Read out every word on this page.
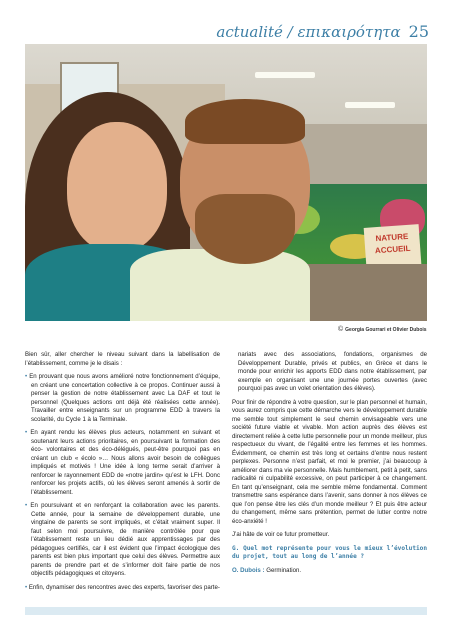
actualité / επικαιρότητα 25
NATURE ACCUEIL
© Georgia Gourrari et Olivier Dubois

Bien sûr, aller chercher le niveau suivant dans la labellisation de l’établissement, comme je le disais :

• En prouvant que nous avons amélioré notre fonctionnement d’équipe, en créant une concertation collective à ce propos. Continuer aussi à penser la gestion de notre établissement avec La DAF et tout le personnel (Quelques actions ont déjà été réalisées cette année). Travailler entre enseignants sur un programme EDD à travers la scolarité, du Cycle 1 à la Terminale.

• En ayant rendu les élèves plus acteurs, notamment en suivant et soutenant leurs actions prioritaires, en poursuivant la formation des éco- volontaires et des éco-délégués, peut-être pourquoi pas en créant un club « écolo »… Nous allons avoir besoin de collègues impliqués et motivés ! Une idée à long terme serait d’arriver à renforcer le rayonnement EDD de «notre jardin» qu’est le LFH. Donc renforcer les projets actifs, où les élèves seront amenés à sortir de l’établissement.

• En poursuivant et en renforçant la collaboration avec les parents. Cette année, pour la semaine de développement durable, une vingtaine de parents se sont impliqués, et c’était vraiment super. Il faut selon moi poursuivre, de manière contrôlée pour que l’établissement reste un lieu dédié aux apprentissages par des pédagogues certifiés, car il est évident que l’impact écologique des parents est bien plus important que celui des élèves. Permettre aux parents de prendre part et de s’informer doit faire partie de nos objectifs pédagogiques et citoyens.

• Enfin, dynamiser des rencontres avec des experts, favoriser des parte-

nariats avec des associations, fondations, organismes de Développement Durable, privés et publics, en Grèce et dans le monde pour enrichir les apports EDD dans notre établissement, par exemple en organisant une une journée portes ouvertes (avec pourquoi pas avec un volet orientation des élèves).

Pour finir de répondre à votre question, sur le plan personnel et humain, vous aurez compris que cette démarche vers le développement durable me semble tout simplement le seul chemin envisageable vers une société future viable et vivable. Mon action auprès des élèves est directement reliée à cette lutte personnelle pour un monde meilleur, plus respectueux du vivant, de l’égalité entre les femmes et les hommes. Évidemment, ce chemin est très long et certains d’entre nous restent perplexes. Personne n’est parfait, et moi le premier, j’ai beaucoup à améliorer dans ma vie personnelle. Mais humblement, petit à petit, sans radicalité ni culpabilité excessive, on peut participer à ce changement. En tant qu’enseignant, cela me semble même fondamental. Comment transmettre sans espérance dans l’avenir, sans donner à nos élèves ce que l’on pense être les clés d’un monde meilleur ? Et puis être acteur du changement, même sans prétention, permet de lutter contre notre éco-anxiété !

J’ai hâte de voir ce futur prometteur.

G. Quel mot représente pour vous le mieux l’évolution du projet, tout au long de l’année ?

O. Dubois : Germination.
